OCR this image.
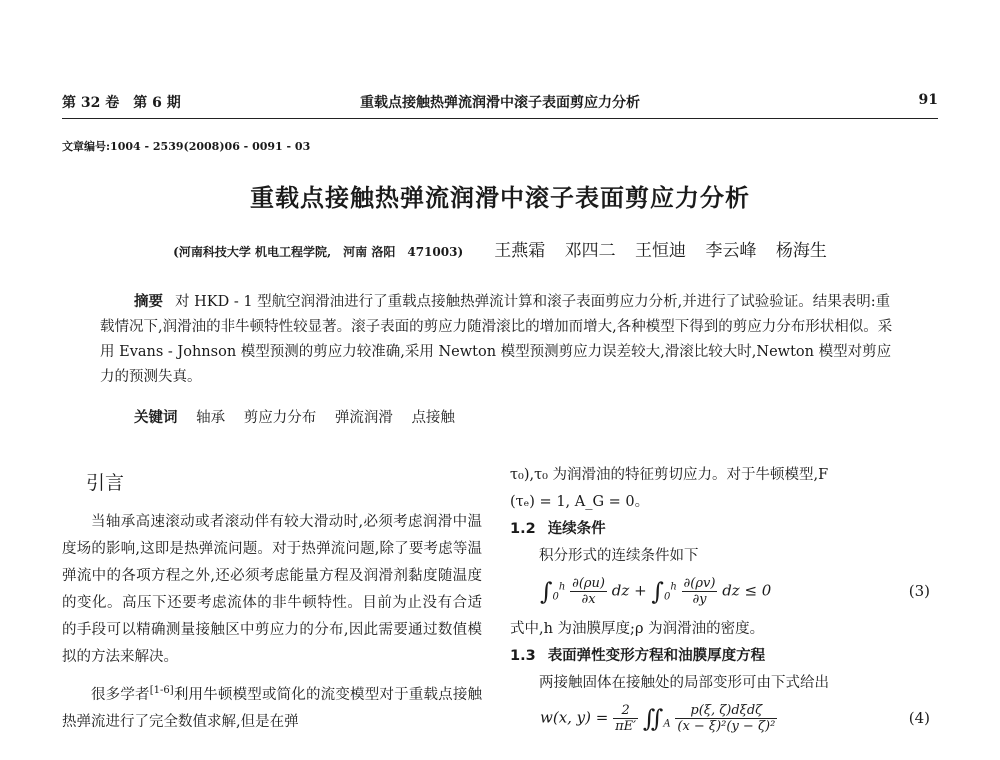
第 32 卷　第 6 期	重载点接触热弹流润滑中滚子表面剪应力分析	91
文章编号:1004 - 2539(2008)06 - 0091 - 03
重载点接触热弹流润滑中滚子表面剪应力分析
(河南科技大学 机电工程学院,　河南 洛阳　471003) 王燕霜 邓四二 王恒迪 李云峰 杨海生
摘要 对 HKD - 1 型航空润滑油进行了重载点接触热弹流计算和滚子表面剪应力分析,并进行了试验验证。结果表明:重载情况下,润滑油的非牛顿特性较显著。滚子表面的剪应力随滑滚比的增加而增大,各种模型下得到的剪应力分布形状相似。采用 Evans - Johnson 模型预测的剪应力较准确,采用 Newton 模型预测剪应力误差较大,滑滚比较大时,Newton 模型对剪应力的预测失真。
关键词 轴承 剪应力分布 弹流润滑 点接触
引言

当轴承高速滚动或者滚动伴有较大滑动时,必须考虑润滑中温度场的影响,这即是热弹流问题。对于热弹流问题,除了要考虑等温弹流中的各项方程之外,还必须考虑能量方程及润滑剂黏度随温度的变化。高压下还要考虑流体的非牛顿特性。目前为止没有合适的手段可以精确测量接触区中剪应力的分布,因此需要通过数值模拟的方法来解决。

很多学者[1-6]利用牛顿模型或简化的流变模型对于重载点接触热弹流进行了完全数值求解,但是在弹

τ₀),τ₀ 为润滑油的特征剪切应力。对于牛顿模型,F

(τₑ) = 1, A_G = 0。

1.2 连续条件

积分形式的连续条件如下

$\int_0^h \frac{\partial(\rho u)}{\partial x}$ dz + $\int_0^h \frac{\partial(\rho v)}{\partial y}$ dz ≤ 0	(3)

式中,h 为油膜厚度;ρ 为润滑油的密度。

1.3 表面弹性变形方程和油膜厚度方程

两接触固体在接触处的局部变形可由下式给出

w(x, $y) = \frac{2}{\pi E'}$ $∬_A \frac{\text{p(ξ, ζ)dξdζ}}{\text{(x − ξ)²(y − ζ)²}}$	(4)
